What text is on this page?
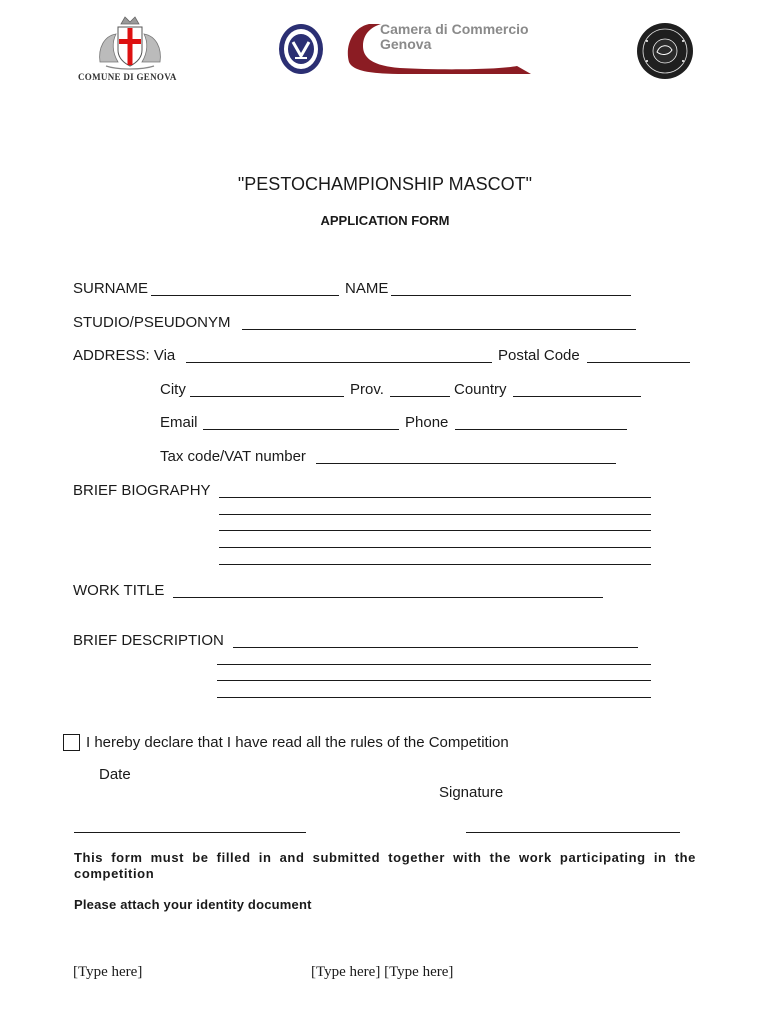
COMUNE DI GENOVA
Camera di Commercio
Genova
"PESTOCHAMPIONSHIP MASCOT"
APPLICATION FORM
SURNAME	NAME
STUDIO/PSEUDONYM
ADDRESS: Via	Postal Code
City	Prov.	Country
Email	Phone
Tax code/VAT number
BRIEF BIOGRAPHY
WORK TITLE
BRIEF DESCRIPTION
I hereby declare that I have read all the rules of the Competition
Date
Signature
This form must be filled in and submitted together with the work participating in the competition
Please attach your identity document
[Type here]	[Type here] [Type here]
